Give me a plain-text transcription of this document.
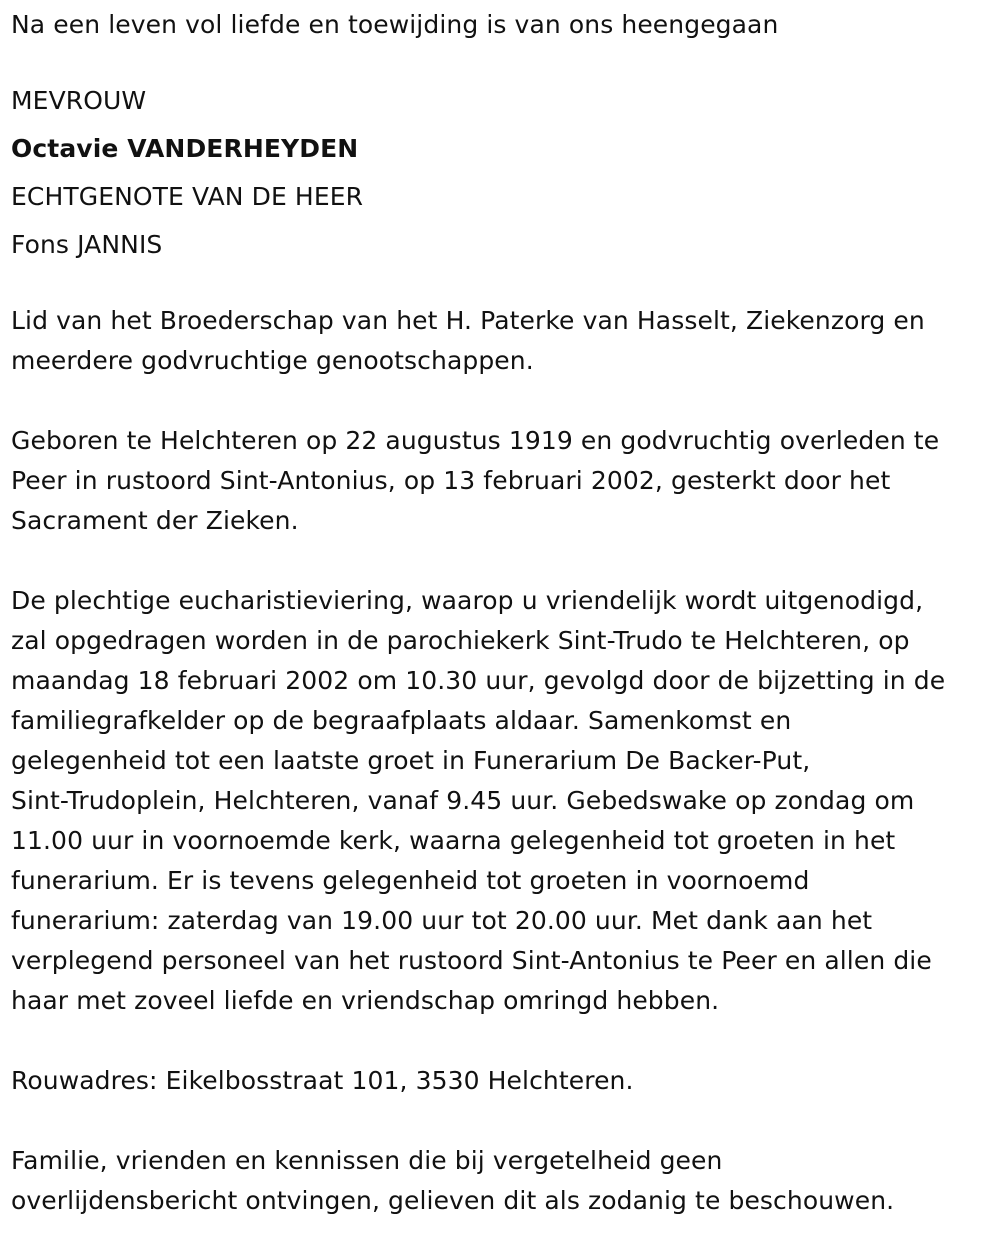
Na een leven vol liefde en toewijding is van ons heengegaan
MEVROUW
Octavie VANDERHEYDEN
ECHTGENOTE VAN DE HEER
Fons JANNIS
Lid van het Broederschap van het H. Paterke van Hasselt, Ziekenzorg en
meerdere godvruchtige genootschappen.
Geboren te Helchteren op 22 augustus 1919 en godvruchtig overleden te
Peer in rustoord Sint-Antonius, op 13 februari 2002, gesterkt door het
Sacrament der Zieken.
De plechtige eucharistieviering, waarop u vriendelijk wordt uitgenodigd,
zal opgedragen worden in de parochiekerk Sint-Trudo te Helchteren, op
maandag 18 februari 2002 om 10.30 uur, gevolgd door de bijzetting in de
familiegrafkelder op de begraafplaats aldaar. Samenkomst en
gelegenheid tot een laatste groet in Funerarium De Backer-Put,
Sint-Trudoplein, Helchteren, vanaf 9.45 uur. Gebedswake op zondag om
11.00 uur in voornoemde kerk, waarna gelegenheid tot groeten in het
funerarium. Er is tevens gelegenheid tot groeten in voornoemd
funerarium: zaterdag van 19.00 uur tot 20.00 uur. Met dank aan het
verplegend personeel van het rustoord Sint-Antonius te Peer en allen die
haar met zoveel liefde en vriendschap omringd hebben.
Rouwadres: Eikelbosstraat 101, 3530 Helchteren.
Familie, vrienden en kennissen die bij vergetelheid geen
overlijdensbericht ontvingen, gelieven dit als zodanig te beschouwen.
